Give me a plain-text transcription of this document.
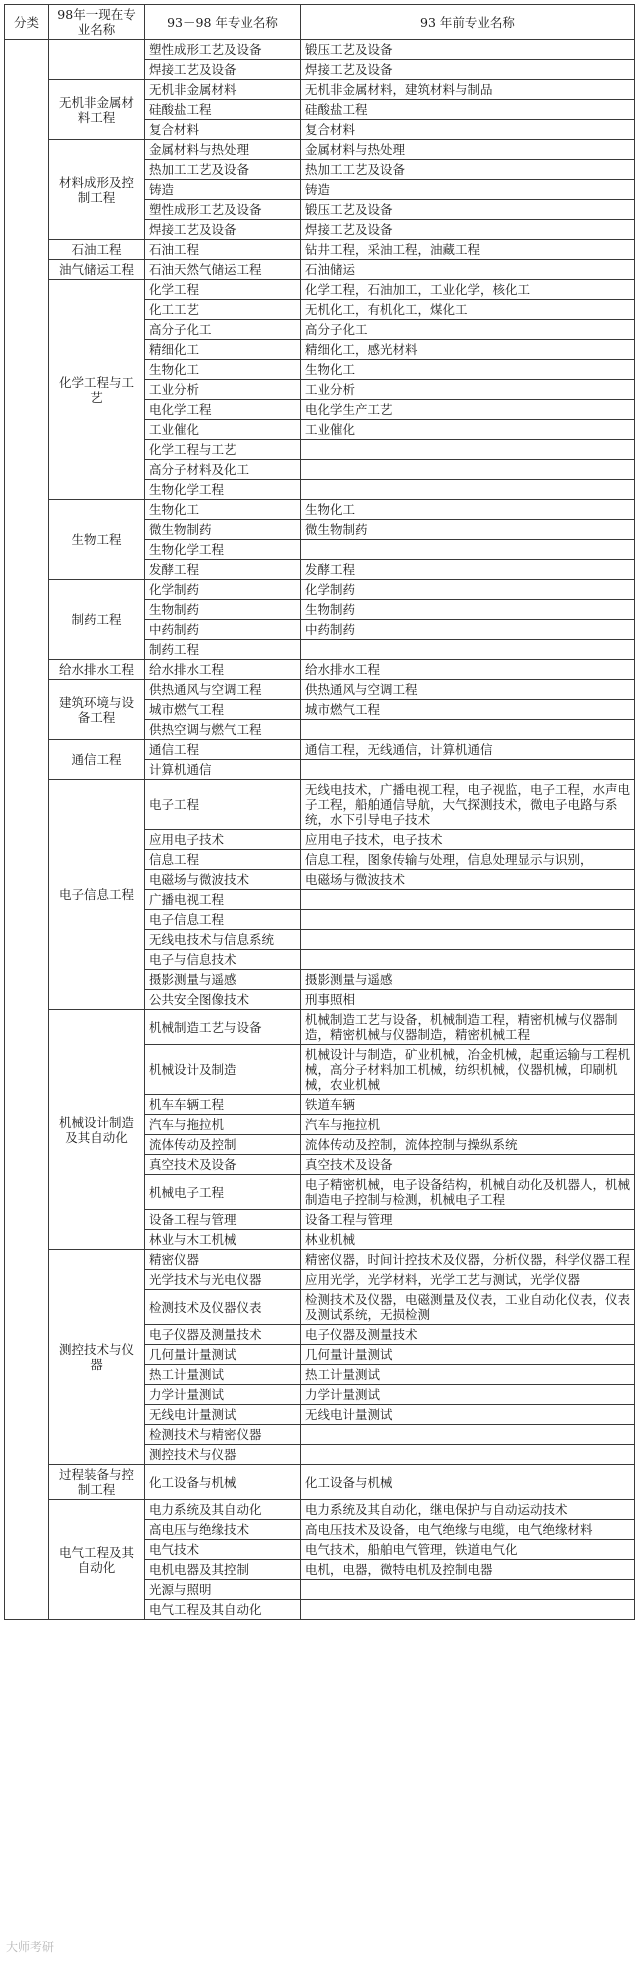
分类	98年一现在专业名称	93－98 年专业名称	93 年前专业名称
		塑性成形工艺及设备	锻压工艺及设备
		焊接工艺及设备	焊接工艺及设备
	无机非金属材料工程	无机非金属材料	无机非金属材料，建筑材料与制品
		硅酸盐工程	硅酸盐工程
		复合材料	复合材料
	材料成形及控制工程	金属材料与热处理	金属材料与热处理
		热加工工艺及设备	热加工工艺及设备
		铸造	铸造
		塑性成形工艺及设备	锻压工艺及设备
		焊接工艺及设备	焊接工艺及设备
	石油工程	石油工程	钻井工程，采油工程，油藏工程
	油气储运工程	石油天然气储运工程	石油储运
	化学工程与工艺	化学工程	化学工程，石油加工，工业化学，核化工
		化工工艺	无机化工，有机化工，煤化工
		高分子化工	高分子化工
		精细化工	精细化工，感光材料
		生物化工	生物化工
		工业分析	工业分析
		电化学工程	电化学生产工艺
		工业催化	工业催化
		化学工程与工艺	
		高分子材料及化工	
		生物化学工程	
	生物工程	生物化工	生物化工
		微生物制药	微生物制药
		生物化学工程	
		发酵工程	发酵工程
	制药工程	化学制药	化学制药
		生物制药	生物制药
		中药制药	中药制药
		制药工程	
	给水排水工程	给水排水工程	给水排水工程
	建筑环境与设备工程	供热通风与空调工程	供热通风与空调工程
		城市燃气工程	城市燃气工程
		供热空调与燃气工程	
	通信工程	通信工程	通信工程，无线通信，计算机通信
		计算机通信	
	电子信息工程	电子工程	无线电技术，广播电视工程，电子视监，电子工程，水声电子工程，船舶通信导航，大气探测技术，微电子电路与系统，水下引导电子技术
		应用电子技术	应用电子技术，电子技术
		信息工程	信息工程，图象传输与处理，信息处理显示与识别，
		电磁场与微波技术	电磁场与微波技术
		广播电视工程	
		电子信息工程	
		无线电技术与信息系统	
		电子与信息技术	
		摄影测量与遥感	摄影测量与遥感
		公共安全图像技术	刑事照相
	机械设计制造及其自动化	机械制造工艺与设备	机械制造工艺与设备，机械制造工程，精密机械与仪器制造，精密机械与仪器制造，精密机械工程
		机械设计及制造	机械设计与制造，矿业机械，冶金机械，起重运输与工程机械，高分子材料加工机械，纺织机械，仪器机械，印刷机械，农业机械
		机车车辆工程	铁道车辆
		汽车与拖拉机	汽车与拖拉机
		流体传动及控制	流体传动及控制，流体控制与操纵系统
		真空技术及设备	真空技术及设备
		机械电子工程	电子精密机械，电子设备结构，机械自动化及机器人，机械制造电子控制与检测，机械电子工程
		设备工程与管理	设备工程与管理
		林业与木工机械	林业机械
	测控技术与仪器	精密仪器	精密仪器，时间计控技术及仪器，分析仪器，科学仪器工程
		光学技术与光电仪器	应用光学，光学材料，光学工艺与测试，光学仪器
		检测技术及仪器仪表	检测技术及仪器，电磁测量及仪表，工业自动化仪表，仪表及测试系统，无损检测
		电子仪器及测量技术	电子仪器及测量技术
		几何量计量测试	几何量计量测试
		热工计量测试	热工计量测试
		力学计量测试	力学计量测试
		无线电计量测试	无线电计量测试
		检测技术与精密仪器	
		测控技术与仪器	
	过程装备与控制工程	化工设备与机械	化工设备与机械
	电气工程及其自动化	电力系统及其自动化	电力系统及其自动化，继电保护与自动运动技术
		高电压与绝缘技术	高电压技术及设备，电气绝缘与电缆，电气绝缘材料
		电气技术	电气技术，船舶电气管理，铁道电气化
		电机电器及其控制	电机，电器，微特电机及控制电器
		光源与照明	
		电气工程及其自动化	
大师考研
